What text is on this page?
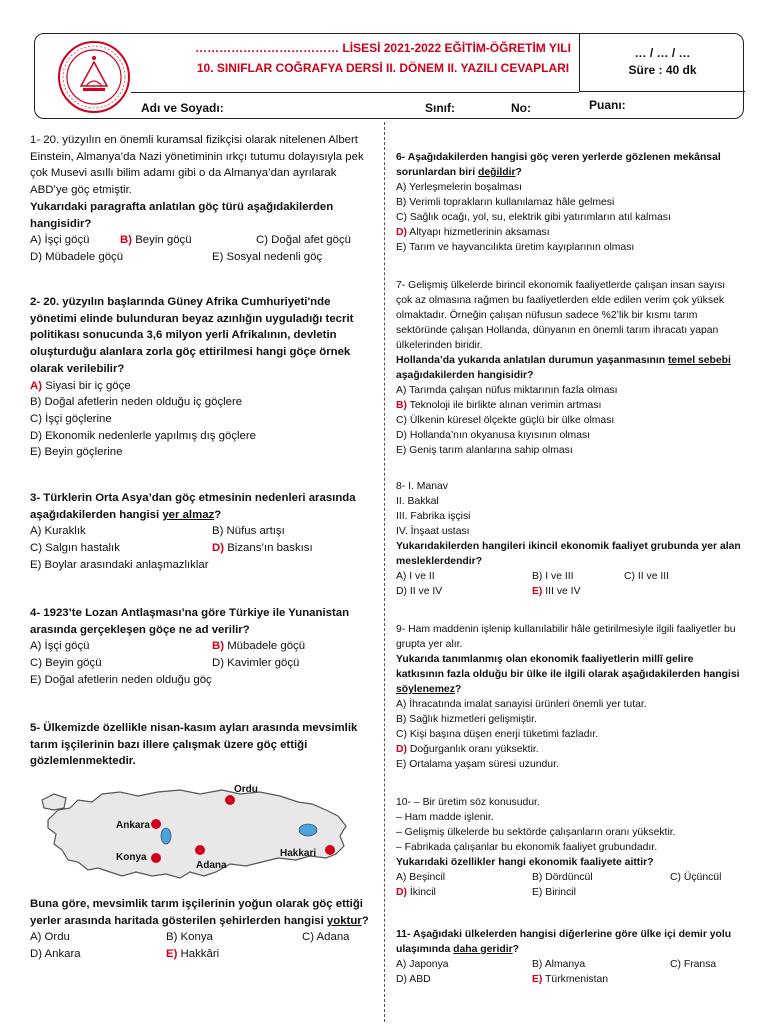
……………………………… LİSESİ 2021-2022 EĞİTİM-ÖĞRETİM YILI
10. SINIFLAR COĞRAFYA DERSİ II. DÖNEM II. YAZILI CEVAPLARI
… / … / …
Süre : 40 dk
Adı ve Soyadı:	Sınıf:	No:	Puanı:
1- 20. yüzyılın en önemli kuramsal fizikçisi olarak nitelenen Albert Einstein, Almanya’da Nazi yönetiminin ırkçı tutumu dolayısıyla pek çok Musevi asıllı bilim adamı gibi o da Almanya’dan ayrılarak ABD’ye göç etmiştir.
Yukarıdaki paragrafta anlatılan göç türü aşağıdakilerden hangisidir?
A) İşçi göçü	B) Beyin göçü	C) Doğal afet göçü
D) Mübadele göçü	E) Sosyal nedenli göç
2- 20. yüzyılın başlarında Güney Afrika Cumhuriyeti'nde yönetimi elinde bulunduran beyaz azınlığın uyguladığı tecrit politikası sonucunda 3,6 milyon yerli Afrikalının, devletin oluşturduğu alanlara zorla göç ettirilmesi hangi göçe örnek olarak verilebilir?
A) Siyasi bir iç göçe
B) Doğal afetlerin neden olduğu iç göçlere
C) İşçi göçlerine
D) Ekonomik nedenlerle yapılmış dış göçlere
E) Beyin göçlerine
3- Türklerin Orta Asya’dan göç etmesinin nedenleri arasında aşağıdakilerden hangisi yer almaz?
A) Kuraklık	B) Nüfus artışı
C) Salgın hastalık	D) Bizans’ın baskısı
E) Boylar arasındaki anlaşmazlıklar
4- 1923’te Lozan Antlaşması’na göre Türkiye ile Yunanistan arasında gerçekleşen göçe ne ad verilir?
A) İşçi göçü	B) Mübadele göçü
C) Beyin göçü	D) Kavimler göçü
E) Doğal afetlerin neden olduğu göç
5- Ülkemizde özellikle nisan-kasım ayları arasında mevsimlik tarım işçilerinin bazı illere çalışmak üzere göç ettiği gözlemlenmektedir.
Ordu
Ankara
Konya
Adana
Hakkari
Buna göre, mevsimlik tarım işçilerinin yoğun olarak göç ettiği yerler arasında haritada gösterilen şehirlerden hangisi yoktur?
A) Ordu	B) Konya	C) Adana
D) Ankara	E) Hakkâri
6- Aşağıdakilerden hangisi göç veren yerlerde gözlenen mekânsal sorunlardan biri değildir?
A) Yerleşmelerin boşalması
B) Verimli toprakların kullanılamaz hâle gelmesi
C) Sağlık ocağı, yol, su, elektrik gibi yatırımların atıl kalması
D) Altyapı hizmetlerinin aksaması
E) Tarım ve hayvancılıkta üretim kayıplarının olması
7- Gelişmiş ülkelerde birincil ekonomik faaliyetlerde çalışan insan sayısı çok az olmasına rağmen bu faaliyetlerden elde edilen verim çok yüksek olmaktadır. Örneğin çalışan nüfusun sadece %2’lik bir kısmı tarım sektöründe çalışan Hollanda, dünyanın en önemli tarım ihracatı yapan ülkelerinden biridir.
Hollanda’da yukarıda anlatılan durumun yaşanmasının temel sebebi aşağıdakilerden hangisidir?
A) Tarımda çalışan nüfus miktarının fazla olması
B) Teknoloji ile birlikte alınan verimin artması
C) Ülkenin küresel ölçekte güçlü bir ülke olması
D) Hollanda’nın okyanusa kıyısının olması
E) Geniş tarım alanlarına sahip olması
8- I. Manav
II. Bakkal
III. Fabrika işçisi
IV. İnşaat ustası
Yukarıdakilerden hangileri ikincil ekonomik faaliyet grubunda yer alan mesleklerdendir?
A) I ve II	B) I ve III	C) II ve III
D) II ve IV	E) III ve IV
9- Ham maddenin işlenip kullanılabilir hâle getirilmesiyle ilgili faaliyetler bu grupta yer alır.
Yukarıda tanımlanmış olan ekonomik faaliyetlerin millî gelire katkısının fazla olduğu bir ülke ile ilgili olarak aşağıdakilerden hangisi söylenemez?
A) İhracatında imalat sanayisi ürünleri önemli yer tutar.
B) Sağlık hizmetleri gelişmiştir.
C) Kişi başına düşen enerji tüketimi fazladır.
D) Doğurganlık oranı yüksektir.
E) Ortalama yaşam süresi uzundur.
10- – Bir üretim söz konusudur.
– Ham madde işlenir.
– Gelişmiş ülkelerde bu sektörde çalışanların oranı yüksektir.
– Fabrikada çalışanlar bu ekonomik faaliyet grubundadır.
Yukarıdaki özellikler hangi ekonomik faaliyete aittir?
A) Beşincil	B) Dördüncül	C) Üçüncül
D) İkincil	E) Birincil
11- Aşağıdaki ülkelerden hangisi diğerlerine göre ülke içi demir yolu ulaşımında daha geridir?
A) Japonya	B) Almanya	C) Fransa
D) ABD	E) Türkmenistan
